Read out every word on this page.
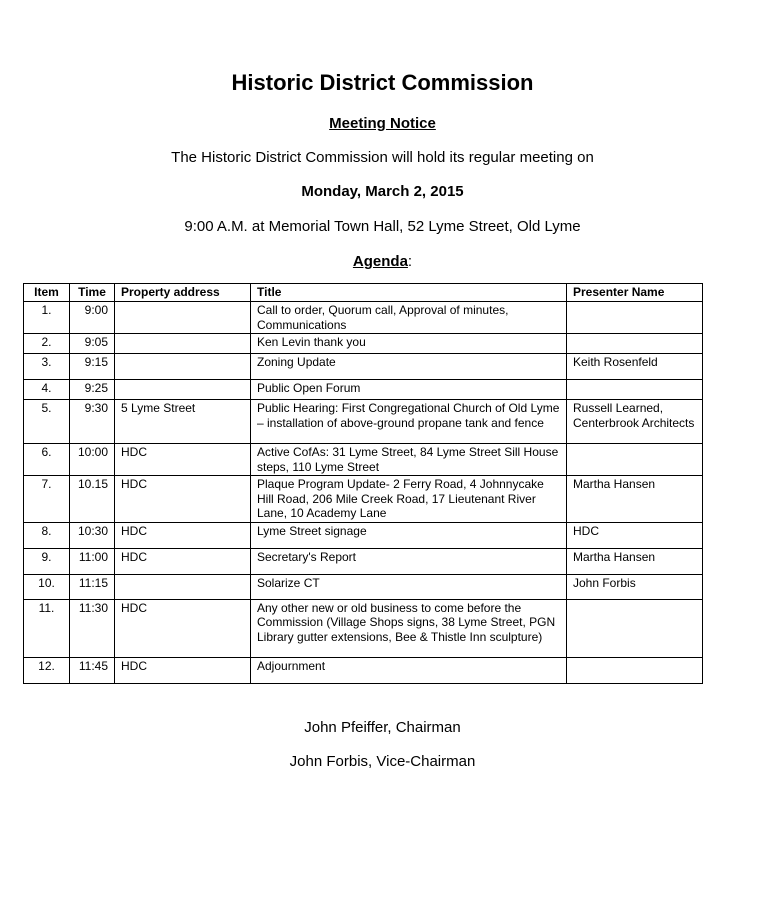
Historic District Commission
Meeting Notice
The Historic District Commission will hold its regular meeting on
Monday, March 2, 2015
9:00 A.M. at Memorial Town Hall, 52 Lyme Street, Old Lyme
Agenda:
Item	Time	Property address	Title	Presenter Name
1.	9:00		Call to order, Quorum call, Approval of minutes, Communications	
2.	9:05		Ken Levin thank you	
3.	9:15		Zoning Update	Keith Rosenfeld
4.	9:25		Public Open Forum	
5.	9:30	5 Lyme Street	Public Hearing: First Congregational Church of Old Lyme – installation of above-ground propane tank and fence	Russell Learned, Centerbrook Architects
6.	10:00	HDC	Active CofAs: 31 Lyme Street, 84 Lyme Street Sill House steps, 110 Lyme Street	
7.	10.15	HDC	Plaque Program Update- 2 Ferry Road, 4 Johnnycake Hill Road, 206 Mile Creek Road, 17 Lieutenant River Lane, 10 Academy Lane	Martha Hansen
8.	10:30	HDC	Lyme Street signage	HDC
9.	11:00	HDC	Secretary's Report	Martha Hansen
10.	11:15		Solarize CT	John Forbis
11.	11:30	HDC	Any other new or old business to come before the Commission (Village Shops signs, 38 Lyme Street, PGN Library gutter extensions, Bee & Thistle Inn sculpture)	
12.	11:45	HDC	Adjournment	
John Pfeiffer, Chairman
John Forbis, Vice-Chairman
